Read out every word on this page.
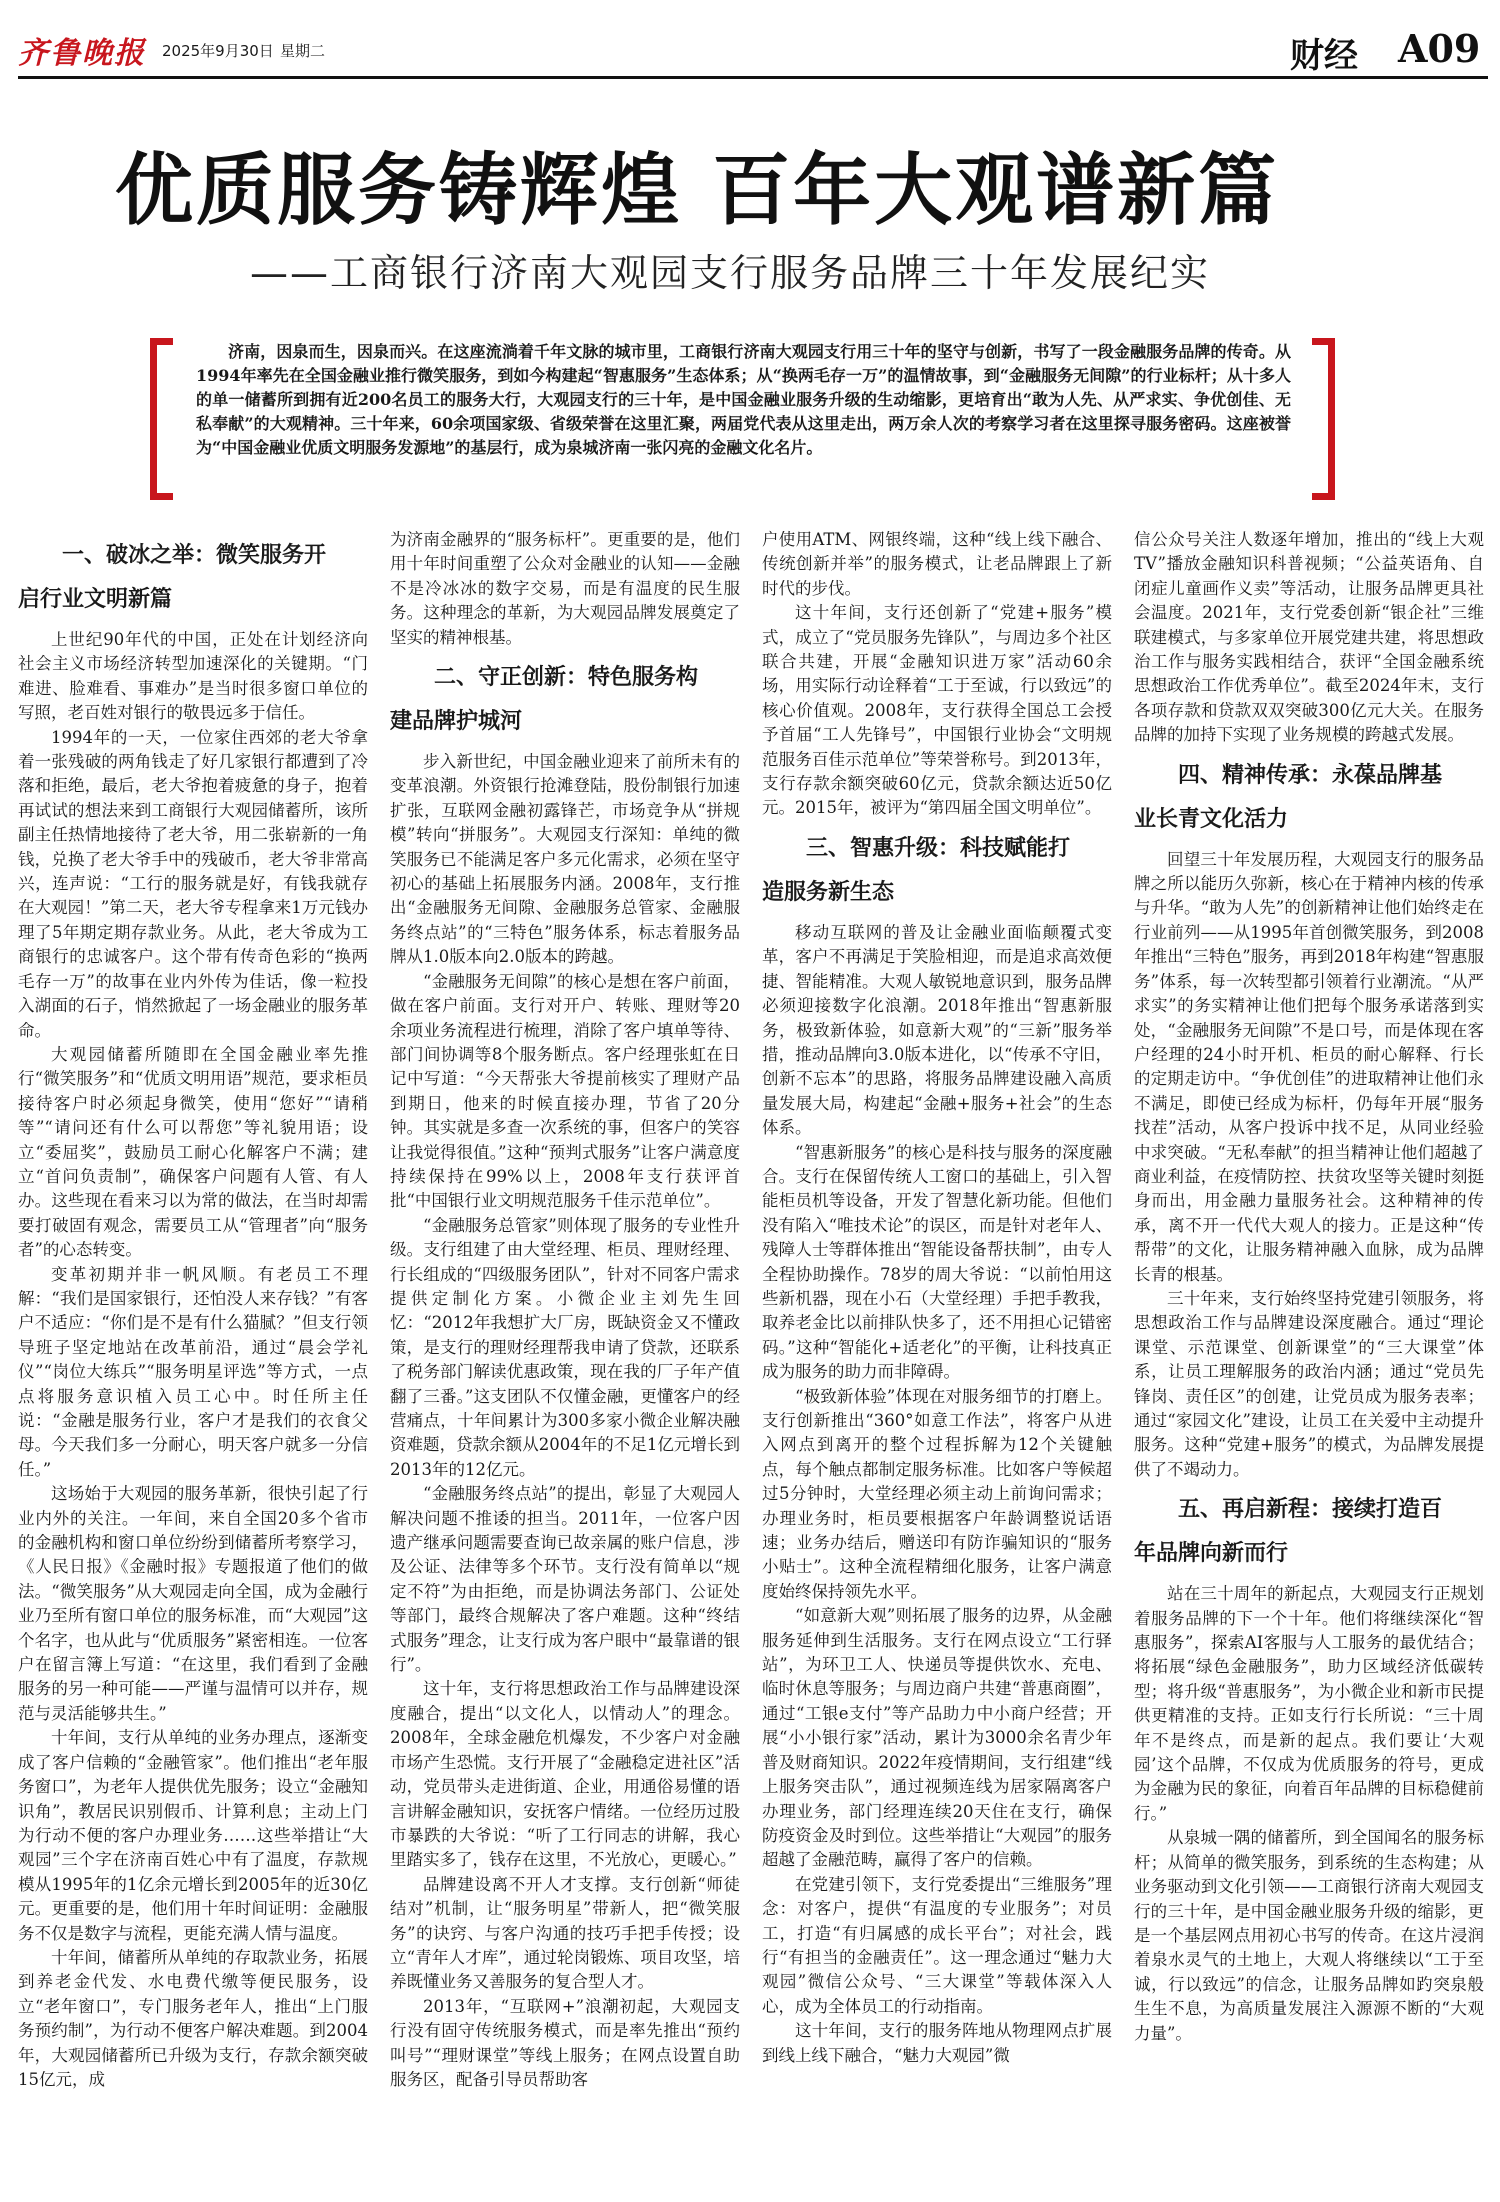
齐鲁晚报 2025年9月30日 星期二	财经 A09
优质服务铸辉煌 百年大观谱新篇
——工商银行济南大观园支行服务品牌三十年发展纪实

济南，因泉而生，因泉而兴。在这座流淌着千年文脉的城市里，工商银行济南大观园支行用三十年的坚守与创新，书写了一段金融服务品牌的传奇。从1994年率先在全国金融业推行微笑服务，到如今构建起“智惠服务”生态体系；从“换两毛存一万”的温情故事，到“金融服务无间隙”的行业标杆；从十多人的单一储蓄所到拥有近200名员工的服务大行，大观园支行的三十年，是中国金融业服务升级的生动缩影，更培育出“敢为人先、从严求实、争优创佳、无私奉献”的大观精神。三十年来，60余项国家级、省级荣誉在这里汇聚，两届党代表从这里走出，两万余人次的考察学习者在这里探寻服务密码。这座被誉为“中国金融业优质文明服务发源地”的基层行，成为泉城济南一张闪亮的金融文化名片。

一、破冰之举：微笑服务开
启行业文明新篇

上世纪90年代的中国，正处在计划经济向社会主义市场经济转型加速深化的关键期。“门难进、脸难看、事难办”是当时很多窗口单位的写照，老百姓对银行的敬畏远多于信任。

1994年的一天，一位家住西郊的老大爷拿着一张残破的两角钱走了好几家银行都遭到了冷落和拒绝，最后，老大爷抱着疲惫的身子，抱着再试试的想法来到工商银行大观园储蓄所，该所副主任热情地接待了老大爷，用二张崭新的一角钱，兑换了老大爷手中的残破币，老大爷非常高兴，连声说：“工行的服务就是好，有钱我就存在大观园！”第二天，老大爷专程拿来1万元钱办理了5年期定期存款业务。从此，老大爷成为工商银行的忠诚客户。这个带有传奇色彩的“换两毛存一万”的故事在业内外传为佳话，像一粒投入湖面的石子，悄然掀起了一场金融业的服务革命。

大观园储蓄所随即在全国金融业率先推行“微笑服务”和“优质文明用语”规范，要求柜员接待客户时必须起身微笑，使用“您好”“请稍等”“请问还有什么可以帮您”等礼貌用语；设立“委屈奖”，鼓励员工耐心化解客户不满；建立“首问负责制”，确保客户问题有人管、有人办。这些现在看来习以为常的做法，在当时却需要打破固有观念，需要员工从“管理者”向“服务者”的心态转变。

变革初期并非一帆风顺。有老员工不理解：“我们是国家银行，还怕没人来存钱？”有客户不适应：“你们是不是有什么猫腻？”但支行领导班子坚定地站在改革前沿，通过“晨会学礼仪”“岗位大练兵”“服务明星评选”等方式，一点点将服务意识植入员工心中。时任所主任说：“金融是服务行业，客户才是我们的衣食父母。今天我们多一分耐心，明天客户就多一分信任。”

这场始于大观园的服务革新，很快引起了行业内外的关注。一年间，来自全国20多个省市的金融机构和窗口单位纷纷到储蓄所考察学习，《人民日报》《金融时报》专题报道了他们的做法。“微笑服务”从大观园走向全国，成为金融行业乃至所有窗口单位的服务标准，而“大观园”这个名字，也从此与“优质服务”紧密相连。一位客户在留言簿上写道：“在这里，我们看到了金融服务的另一种可能——严谨与温情可以并存，规范与灵活能够共生。”

十年间，支行从单纯的业务办理点，逐渐变成了客户信赖的“金融管家”。他们推出“老年服务窗口”，为老年人提供优先服务；设立“金融知识角”，教居民识别假币、计算利息；主动上门为行动不便的客户办理业务……这些举措让“大观园”三个字在济南百姓心中有了温度，存款规模从1995年的1亿余元增长到2005年的近30亿元。更重要的是，他们用十年时间证明：金融服务不仅是数字与流程，更能充满人情与温度。

十年间，储蓄所从单纯的存取款业务，拓展到养老金代发、水电费代缴等便民服务，设立“老年窗口”，专门服务老年人，推出“上门服务预约制”，为行动不便客户解决难题。到2004年，大观园储蓄所已升级为支行，存款余额突破15亿元，成

为济南金融界的“服务标杆”。更重要的是，他们用十年时间重塑了公众对金融业的认知——金融不是冷冰冰的数字交易，而是有温度的民生服务。这种理念的革新，为大观园品牌发展奠定了坚实的精神根基。

二、守正创新：特色服务构
建品牌护城河

步入新世纪，中国金融业迎来了前所未有的变革浪潮。外资银行抢滩登陆，股份制银行加速扩张，互联网金融初露锋芒，市场竞争从“拼规模”转向“拼服务”。大观园支行深知：单纯的微笑服务已不能满足客户多元化需求，必须在坚守初心的基础上拓展服务内涵。2008年，支行推出“金融服务无间隙、金融服务总管家、金融服务终点站”的“三特色”服务体系，标志着服务品牌从1.0版本向2.0版本的跨越。

“金融服务无间隙”的核心是想在客户前面，做在客户前面。支行对开户、转账、理财等20余项业务流程进行梳理，消除了客户填单等待、部门间协调等8个服务断点。客户经理张虹在日记中写道：“今天帮张大爷提前核实了理财产品到期日，他来的时候直接办理，节省了20分钟。其实就是多查一次系统的事，但客户的笑容让我觉得很值。”这种“预判式服务”让客户满意度持续保持在99%以上，2008年支行获评首批“中国银行业文明规范服务千佳示范单位”。

“金融服务总管家”则体现了服务的专业性升级。支行组建了由大堂经理、柜员、理财经理、行长组成的“四级服务团队”，针对不同客户需求提供定制化方案。小微企业主刘先生回忆：“2012年我想扩大厂房，既缺资金又不懂政策，是支行的理财经理帮我申请了贷款，还联系了税务部门解读优惠政策，现在我的厂子年产值翻了三番。”这支团队不仅懂金融，更懂客户的经营痛点，十年间累计为300多家小微企业解决融资难题，贷款余额从2004年的不足1亿元增长到2013年的12亿元。

“金融服务终点站”的提出，彰显了大观园人解决问题不推诿的担当。2011年，一位客户因遗产继承问题需要查询已故亲属的账户信息，涉及公证、法律等多个环节。支行没有简单以“规定不符”为由拒绝，而是协调法务部门、公证处等部门，最终合规解决了客户难题。这种“终结式服务”理念，让支行成为客户眼中“最靠谱的银行”。

这十年，支行将思想政治工作与品牌建设深度融合，提出“以文化人，以情动人”的理念。2008年，全球金融危机爆发，不少客户对金融市场产生恐慌。支行开展了“金融稳定进社区”活动，党员带头走进街道、企业，用通俗易懂的语言讲解金融知识，安抚客户情绪。一位经历过股市暴跌的大爷说：“听了工行同志的讲解，我心里踏实多了，钱存在这里，不光放心，更暖心。”

品牌建设离不开人才支撑。支行创新“师徒结对”机制，让“服务明星”带新人，把“微笑服务”的诀窍、与客户沟通的技巧手把手传授；设立“青年人才库”，通过轮岗锻炼、项目攻坚，培养既懂业务又善服务的复合型人才。

2013年，“互联网+”浪潮初起，大观园支行没有固守传统服务模式，而是率先推出“预约叫号”“理财课堂”等线上服务；在网点设置自助服务区，配备引导员帮助客

户使用ATM、网银终端，这种“线上线下融合、传统创新并举”的服务模式，让老品牌跟上了新时代的步伐。

这十年间，支行还创新了“党建+服务”模式，成立了“党员服务先锋队”，与周边多个社区联合共建，开展“金融知识进万家”活动60余场，用实际行动诠释着“工于至诚，行以致远”的核心价值观。2008年，支行获得全国总工会授予首届“工人先锋号”，中国银行业协会“文明规范服务百佳示范单位”等荣誉称号。到2013年，支行存款余额突破60亿元，贷款余额达近50亿元。2015年，被评为“第四届全国文明单位”。

三、智惠升级：科技赋能打
造服务新生态

移动互联网的普及让金融业面临颠覆式变革，客户不再满足于笑脸相迎，而是追求高效便捷、智能精准。大观人敏锐地意识到，服务品牌必须迎接数字化浪潮。2018年推出“智惠新服务，极致新体验，如意新大观”的“三新”服务举措，推动品牌向3.0版本进化，以“传承不守旧，创新不忘本”的思路，将服务品牌建设融入高质量发展大局，构建起“金融+服务+社会”的生态体系。

“智惠新服务”的核心是科技与服务的深度融合。支行在保留传统人工窗口的基础上，引入智能柜员机等设备，开发了智慧化新功能。但他们没有陷入“唯技术论”的误区，而是针对老年人、残障人士等群体推出“智能设备帮扶制”，由专人全程协助操作。78岁的周大爷说：“以前怕用这些新机器，现在小石（大堂经理）手把手教我，取养老金比以前排队快多了，还不用担心记错密码。”这种“智能化+适老化”的平衡，让科技真正成为服务的助力而非障碍。

“极致新体验”体现在对服务细节的打磨上。支行创新推出“360°如意工作法”，将客户从进入网点到离开的整个过程拆解为12个关键触点，每个触点都制定服务标准。比如客户等候超过5分钟时，大堂经理必须主动上前询问需求；办理业务时，柜员要根据客户年龄调整说话语速；业务办结后，赠送印有防诈骗知识的“服务小贴士”。这种全流程精细化服务，让客户满意度始终保持领先水平。

“如意新大观”则拓展了服务的边界，从金融服务延伸到生活服务。支行在网点设立“工行驿站”，为环卫工人、快递员等提供饮水、充电、临时休息等服务；与周边商户共建“普惠商圈”，通过“工银e支付”等产品助力中小商户经营；开展“小小银行家”活动，累计为3000余名青少年普及财商知识。2022年疫情期间，支行组建“线上服务突击队”，通过视频连线为居家隔离客户办理业务，部门经理连续20天住在支行，确保防疫资金及时到位。这些举措让“大观园”的服务超越了金融范畴，赢得了客户的信赖。

在党建引领下，支行党委提出“三维服务”理念：对客户，提供“有温度的专业服务”；对员工，打造“有归属感的成长平台”；对社会，践行“有担当的金融责任”。这一理念通过“魅力大观园”微信公众号、“三大课堂”等载体深入人心，成为全体员工的行动指南。

这十年间，支行的服务阵地从物理网点扩展到线上线下融合，“魅力大观园”微

信公众号关注人数逐年增加，推出的“线上大观TV”播放金融知识科普视频；“公益英语角、自闭症儿童画作义卖”等活动，让服务品牌更具社会温度。2021年，支行党委创新“银企社”三维联建模式，与多家单位开展党建共建，将思想政治工作与服务实践相结合，获评“全国金融系统思想政治工作优秀单位”。截至2024年末，支行各项存款和贷款双双突破300亿元大关。在服务品牌的加持下实现了业务规模的跨越式发展。

四、精神传承：永葆品牌基
业长青文化活力

回望三十年发展历程，大观园支行的服务品牌之所以能历久弥新，核心在于精神内核的传承与升华。“敢为人先”的创新精神让他们始终走在行业前列——从1995年首创微笑服务，到2008年推出“三特色”服务，再到2018年构建“智惠服务”体系，每一次转型都引领着行业潮流。“从严求实”的务实精神让他们把每个服务承诺落到实处，“金融服务无间隙”不是口号，而是体现在客户经理的24小时开机、柜员的耐心解释、行长的定期走访中。“争优创佳”的进取精神让他们永不满足，即使已经成为标杆，仍每年开展“服务找茬”活动，从客户投诉中找不足，从同业经验中求突破。“无私奉献”的担当精神让他们超越了商业利益，在疫情防控、扶贫攻坚等关键时刻挺身而出，用金融力量服务社会。这种精神的传承，离不开一代代大观人的接力。正是这种“传帮带”的文化，让服务精神融入血脉，成为品牌长青的根基。

三十年来，支行始终坚持党建引领服务，将思想政治工作与品牌建设深度融合。通过“理论课堂、示范课堂、创新课堂”的“三大课堂”体系，让员工理解服务的政治内涵；通过“党员先锋岗、责任区”的创建，让党员成为服务表率；通过“家园文化”建设，让员工在关爱中主动提升服务。这种“党建+服务”的模式，为品牌发展提供了不竭动力。

五、再启新程：接续打造百
年品牌向新而行

站在三十周年的新起点，大观园支行正规划着服务品牌的下一个十年。他们将继续深化“智惠服务”，探索AI客服与人工服务的最优结合；将拓展“绿色金融服务”，助力区域经济低碳转型；将升级“普惠服务”，为小微企业和新市民提供更精准的支持。正如支行行长所说：“三十周年不是终点，而是新的起点。我们要让‘大观园’这个品牌，不仅成为优质服务的符号，更成为金融为民的象征，向着百年品牌的目标稳健前行。”

从泉城一隅的储蓄所，到全国闻名的服务标杆；从简单的微笑服务，到系统的生态构建；从业务驱动到文化引领——工商银行济南大观园支行的三十年，是中国金融业服务升级的缩影，更是一个基层网点用初心书写的传奇。在这片浸润着泉水灵气的土地上，大观人将继续以“工于至诚，行以致远”的信念，让服务品牌如趵突泉般生生不息，为高质量发展注入源源不断的“大观力量”。
